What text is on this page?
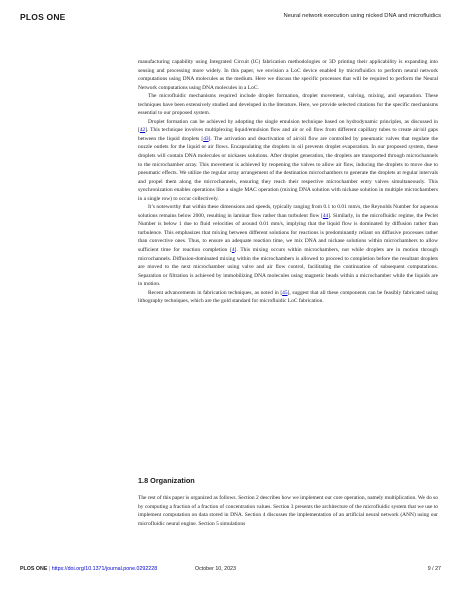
PLOS ONE	Neural network execution using nicked DNA and microfluidics

manufacturing capability using Integrated Circuit (IC) fabrication methodologies or 3D printing their applicability is expanding into sensing and processing more widely. In this paper, we envision a LoC device enabled by microfluidics to perform neural network computations using DNA molecules as the medium. Here we discuss the specific processes that will be required to perform the Neural Network computations using DNA molecules in a LoC.

The microfluidic mechanisms required include droplet formation, droplet movement, valving, mixing, and separation. These techniques have been extensively studied and developed in the literature. Here, we provide selected citations for the specific mechanisms essential to our proposed system.

Droplet formation can be achieved by adopting the single emulsion technique based on hydrodynamic principles, as discussed in [42]. This technique involves multiplexing liquid/emulsion flow and air or oil flow from different capillary tubes to create air/oil gaps between the liquid droplets [43]. The activation and deactivation of air/oil flow are controlled by pneumatic valves that regulate the nozzle outlets for the liquid or air flows. Encapsulating the droplets in oil prevents droplet evaporation. In our proposed system, these droplets will contain DNA molecules or nickases solutions. After droplet generation, the droplets are transported through microchannels to the microchamber array. This movement is achieved by reopening the valves to allow air flow, inducing the droplets to move due to pneumatic effects. We utilize the regular array arrangement of the destination microchambers to generate the droplets at regular intervals and propel them along the microchannels, ensuring they reach their respective microchamber entry valves simultaneously. This synchronization enables operations like a single MAC operation (mixing DNA solution with nickase solution in multiple microchambers in a single row) to occur collectively.

It’s noteworthy that within these dimensions and speeds, typically ranging from 0.1 to 0.01 mm/s, the Reynolds Number for aqueous solutions remains below 2000, resulting in laminar flow rather than turbulent flow [44]. Similarly, in the microfluidic regime, the Peclet Number is below 1 due to fluid velocities of around 0.01 mm/s, implying that the liquid flow is dominated by diffusion rather than turbulence. This emphasizes that mixing between different solutions for reactions is predominantly reliant on diffusive processes rather than convective ones. Thus, to ensure an adequate reaction time, we mix DNA and nickase solutions within microchambers to allow sufficient time for reaction completion [4]. This mixing occurs within microchambers, not while droplets are in motion through microchannels. Diffusion-dominated mixing within the microchambers is allowed to proceed to completion before the resultant droplets are moved to the next microchamber using valve and air flow control, facilitating the continuation of subsequent computations. Separation or filtration is achieved by immobilizing DNA molecules using magnetic beads within a microchamber while the liquids are in motion.

Recent advancements in fabrication techniques, as noted in [45], suggest that all these components can be feasibly fabricated using lithography techniques, which are the gold standard for microfluidic LoC fabrication.

1.8 Organization

The rest of this paper is organized as follows. Section 2 describes how we implement our core operation, namely multiplication. We do so by computing a fraction of a fraction of concentration values. Section 3 presents the architecture of the microfluidic system that we use to implement computation on data stored in DNA. Section 4 discusses the implementation of an artificial neural network (ANN) using our microfluidic neural engine. Section 5 simulations

PLOS ONE | https://doi.org/10.1371/journal.pone.0292228	October 10, 2023	9 / 27
